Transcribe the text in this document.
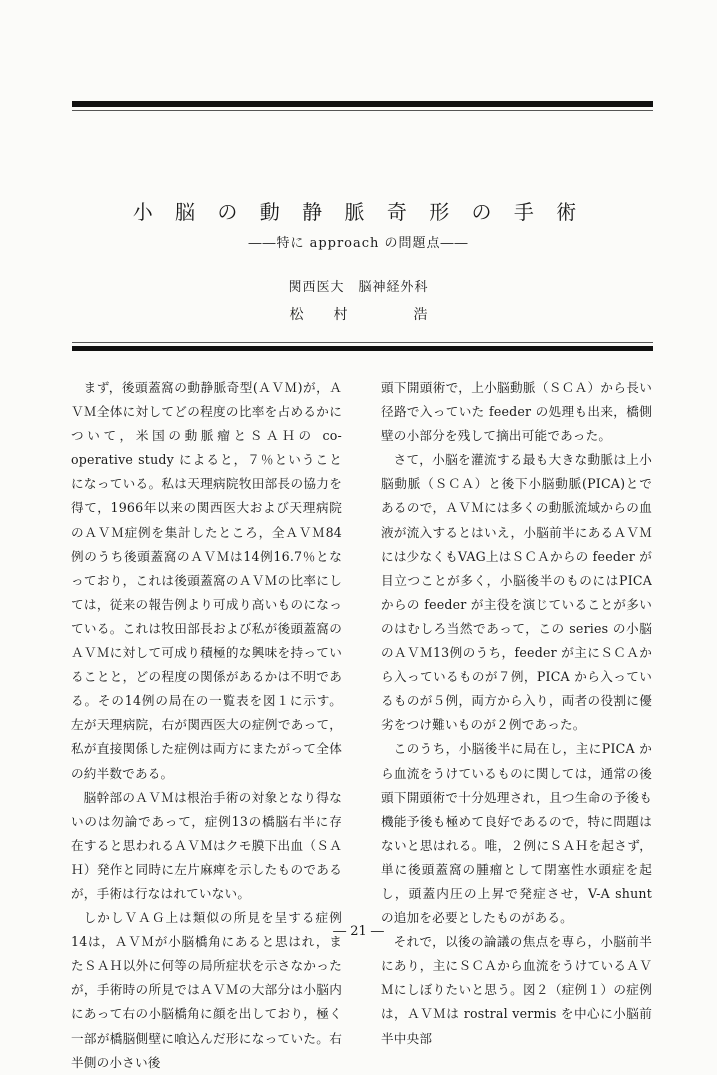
小 脳 の 動 静 脈 奇 形 の 手 術
――特に approach の問題点――
関西医大　脳神経外科
松 村	浩

まず，後頭蓋窩の動静脈奇型(ＡＶＭ)が，ＡＶＭ全体に対してどの程度の比率を占めるかについて，米国の動脈瘤とＳＡＨの co-operative study によると，７％ということになっている。私は天理病院牧田部長の協力を得て，1966年以来の関西医大および天理病院のＡＶＭ症例を集計したところ，全ＡＶＭ84例のうち後頭蓋窩のＡＶＭは14例16.7％となっており，これは後頭蓋窩のＡＶＭの比率にしては，従来の報告例より可成り高いものになっている。これは牧田部長および私が後頭蓋窩のＡＶＭに対して可成り積極的な興味を持っていることと，どの程度の関係があるかは不明である。その14例の局在の一覧表を図１に示す。左が天理病院，右が関西医大の症例であって，私が直接関係した症例は両方にまたがって全体の約半数である。

脳幹部のＡＶＭは根治手術の対象となり得ないのは勿論であって，症例13の橋脳右半に存在すると思われるＡＶＭはクモ膜下出血（ＳＡＨ）発作と同時に左片麻痺を示したものであるが，手術は行なはれていない。

しかしＶＡＧ上は類似の所見を呈する症例14は，ＡＶＭが小脳橋角にあると思はれ，またＳＡＨ以外に何等の局所症状を示さなかったが，手術時の所見ではＡＶＭの大部分は小脳内にあって右の小脳橋角に顔を出しており，極く一部が橋脳側壁に喰込んだ形になっていた。右半側の小さい後

頭下開頭術で，上小脳動脈（ＳＣＡ）から長い径路で入っていた feeder の処理も出来，橋側壁の小部分を残して摘出可能であった。

さて，小脳を灌流する最も大きな動脈は上小脳動脈（ＳＣＡ）と後下小脳動脈(PICA)とであるので，ＡＶＭには多くの動脈流域からの血液が流入するとはいえ，小脳前半にあるＡＶＭには少なくもVAG上はＳＣＡからの feeder が目立つことが多く，小脳後半のものにはPICAからの feeder が主役を演じていることが多いのはむしろ当然であって，この series の小脳のＡＶＭ13例のうち，feeder が主にＳＣＡから入っているものが７例，PICA から入っているものが５例，両方から入り，両者の役割に優劣をつけ難いものが２例であった。

このうち，小脳後半に局在し，主にPICA から血流をうけているものに関しては，通常の後頭下開頭術で十分処理され，且つ生命の予後も機能予後も極めて良好であるので，特に問題はないと思はれる。唯，２例にＳＡＨを起さず，単に後頭蓋窩の腫瘤として閉塞性水頭症を起し，頭蓋内圧の上昇で発症させ，V-A shunt の追加を必要としたものがある。

それで，以後の論議の焦点を専ら，小脳前半にあり，主にＳＣＡから血流をうけているＡＶＭにしぼりたいと思う。図２（症例１）の症例は，ＡＶＭは rostral vermis を中心に小脳前半中央部

― 21 ―
